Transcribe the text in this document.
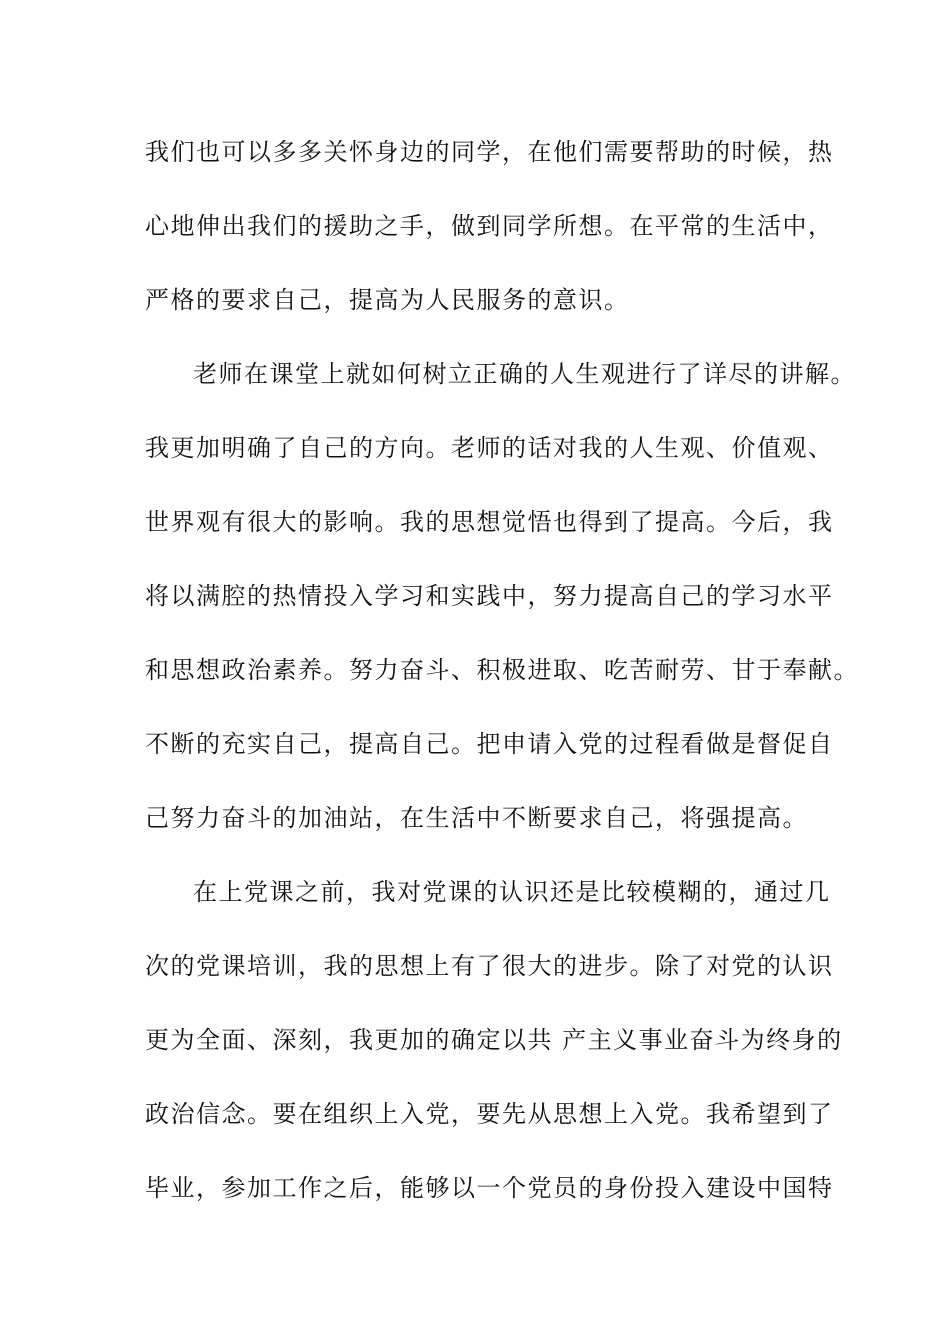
我们也可以多多关怀身边的同学，在他们需要帮助的时候，热
心地伸出我们的援助之手，做到同学所想。在平常的生活中，
严格的要求自己，提高为人民服务的意识。
老师在课堂上就如何树立正确的人生观进行了详尽的讲解。
我更加明确了自己的方向。老师的话对我的人生观、价值观、
世界观有很大的影响。我的思想觉悟也得到了提高。今后，我
将以满腔的热情投入学习和实践中，努力提高自己的学习水平
和思想政治素养。努力奋斗、积极进取、吃苦耐劳、甘于奉献。
不断的充实自己，提高自己。把申请入党的过程看做是督促自
己努力奋斗的加油站，在生活中不断要求自己，将强提高。
在上党课之前，我对党课的认识还是比较模糊的，通过几
次的党课培训，我的思想上有了很大的进步。除了对党的认识
更为全面、深刻，我更加的确定以共 产主义事业奋斗为终身的
政治信念。要在组织上入党，要先从思想上入党。我希望到了
毕业，参加工作之后，能够以一个党员的身份投入建设中国特
